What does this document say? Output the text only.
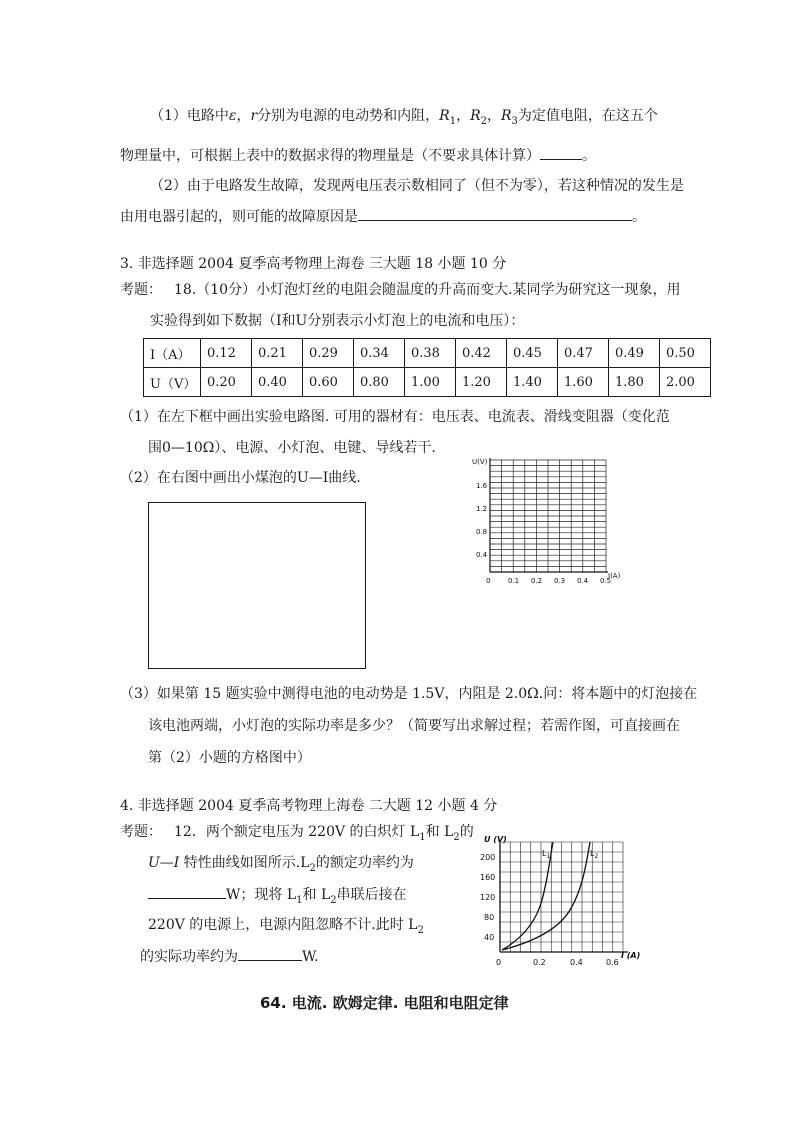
（1）电路中ε，r分别为电源的电动势和内阻，$R_1$，$R_2$，$R_3$为定值电阻，在这五个
物理量中，可根据上表中的数据求得的物理量是（不要求具体计算）	。
（2）由于电路发生故障，发现两电压表示数相同了（但不为零），若这种情况的发生是
由用电器引起的，则可能的故障原因是	。
3. 非选择题 2004 夏季高考物理上海卷 三大题 18 小题 10 分
考题： 18.（10分）小灯泡灯丝的电阻会随温度的升高而变大.某同学为研究这一现象，用
实验得到如下数据（I和U分别表示小灯泡上的电流和电压）：
I（A）	0.12	0.21	0.29	0.34	0.38	0.42	0.45	0.47	0.49	0.50
U（V）	0.20	0.40	0.60	0.80	1.00	1.20	1.40	1.60	1.80	2.00
（1）在左下框中画出实验电路图. 可用的器材有：电压表、电流表、滑线变阻器（变化范
围0—10Ω）、电源、小灯泡、电键、导线若干.
（2）在右图中画出小煤泡的U—I曲线.
U(V)
I(A)
0
0.4
0.8
1.2
1.6
0.1 0.2 0.3 0.4 0.5
（3）如果第 15 题实验中测得电池的电动势是 1.5V，内阻是 2.0Ω.问：将本题中的灯泡接在
该电池两端，小灯泡的实际功率是多少？（简要写出求解过程；若需作图，可直接画在
第（2）小题的方格图中）
4. 非选择题 2004 夏季高考物理上海卷 二大题 12 小题 4 分
考题： 12．两个额定电压为 220V 的白炽灯 $L_1$和 $L_2$的
U—I 特性曲线如图所示$.L_2$的额定功率约为
W；现将 $L_1$和 $L_2$串联后接在
220V 的电源上，电源内阻忽略不计.此时 $L_2$
的实际功率约为	W.
U (V)
I (A)
0
40
80
120
160
200
0.2	0.4	0.6
$L_1$	$L_2$
64. 电流. 欧姆定律. 电阻和电阻定律
